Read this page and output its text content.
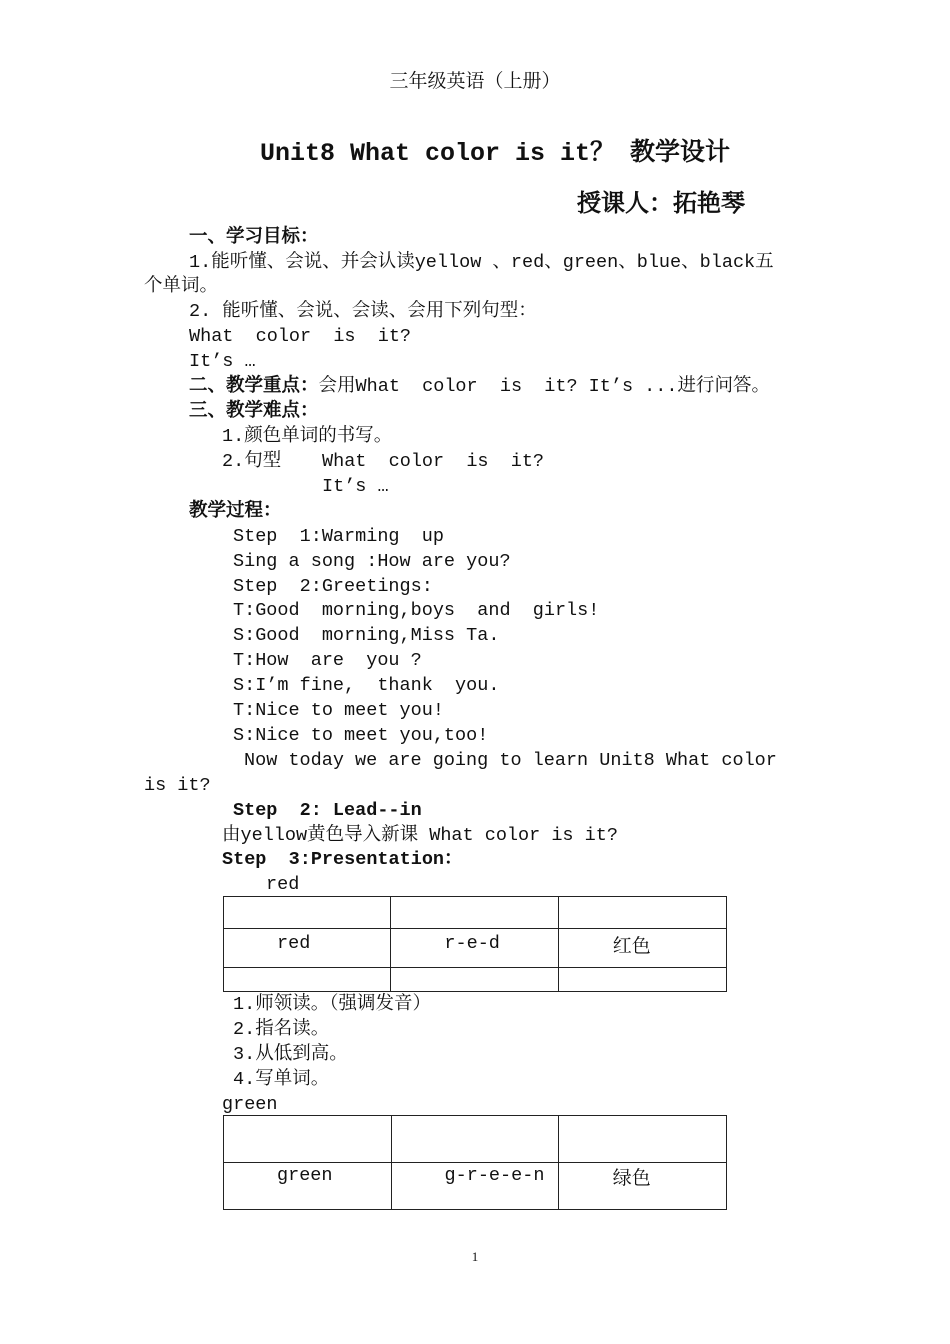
三年级英语（上册）
Unit8 What color is it？ 教学设计
授课人：拓艳琴
一、学习目标：
1.能听懂、会说、并会认读yellow 、red、green、blue、black五
个单词。
2. 能听懂、会说、会读、会用下列句型：
What  color  is  it?
It’s …
二、教学重点：会用What  color  is  it? It’s ...进行问答。
三、教学难点：
1.颜色单词的书写。
2.句型 What  color  is  it?
It’s …
教学过程：
Step  1:Warming  up
Sing a song :How are you?
Step  2:Greetings:
T:Good  morning,boys  and  girls!
S:Good  morning,Miss Ta.
T:How  are  you ?
S:I’m fine,  thank  you.
T:Nice to meet you!
S:Nice to meet you,too!
Now today we are going to learn Unit8 What color
is it?
Step  2: Lead--in
由yellow黄色导入新课 What color is it?
Step  3:Presentation：
red

red	r-e-d	红色

1.师领读。（强调发音）
2.指名读。
3.从低到高。
4.写单词。
green

green	g-r-e-e-n	绿色
1
